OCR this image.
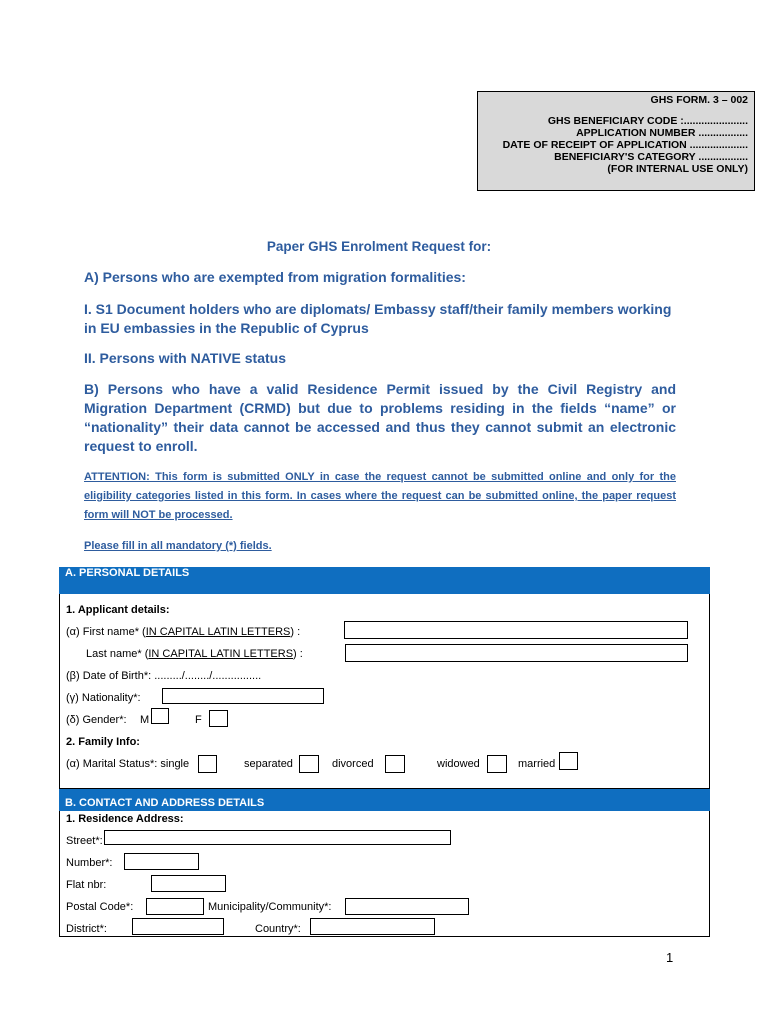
GHS FORM. 3 – 002
GHS BENEFICIARY CODE :......................
APPLICATION NUMBER .................
DATE OF RECEIPT OF APPLICATION ....................
BENEFICIARY'S CATEGORY .................
(FOR INTERNAL USE ONLY)
Paper GHS Enrolment Request for:
A) Persons who are exempted from migration formalities:
I. S1 Document holders who are diplomats/ Embassy staff/their family members working in EU embassies in the Republic of Cyprus
II. Persons with NATIVE status
B) Persons who have a valid Residence Permit issued by the Civil Registry and Migration Department (CRMD) but due to problems residing in the fields “name” or “nationality” their data cannot be accessed and thus they cannot submit an electronic request to enroll.
ATTENTION: This form is submitted ONLY in case the request cannot be submitted online and only for the eligibility categories listed in this form. In cases where the request can be submitted online, the paper request form will NOT be processed.
Please fill in all mandatory (*) fields.
A. PERSONAL DETAILS
1. Applicant details:
(α) First name* (IN CAPITAL LATIN LETTERS) :
Last name* (IN CAPITAL LATIN LETTERS) :
(β) Date of Birth*: ........./......../................
(γ) Nationality*:
(δ) Gender*: M	F
2. Family Info:
(α) Marital Status*: single	separated	divorced	widowed	married
B. CONTACT AND ADDRESS DETAILS
1. Residence Address:
Street*:
Number*:
Flat nbr:
Postal Code*:	Municipality/Community*:
District*:	Country*:
1
